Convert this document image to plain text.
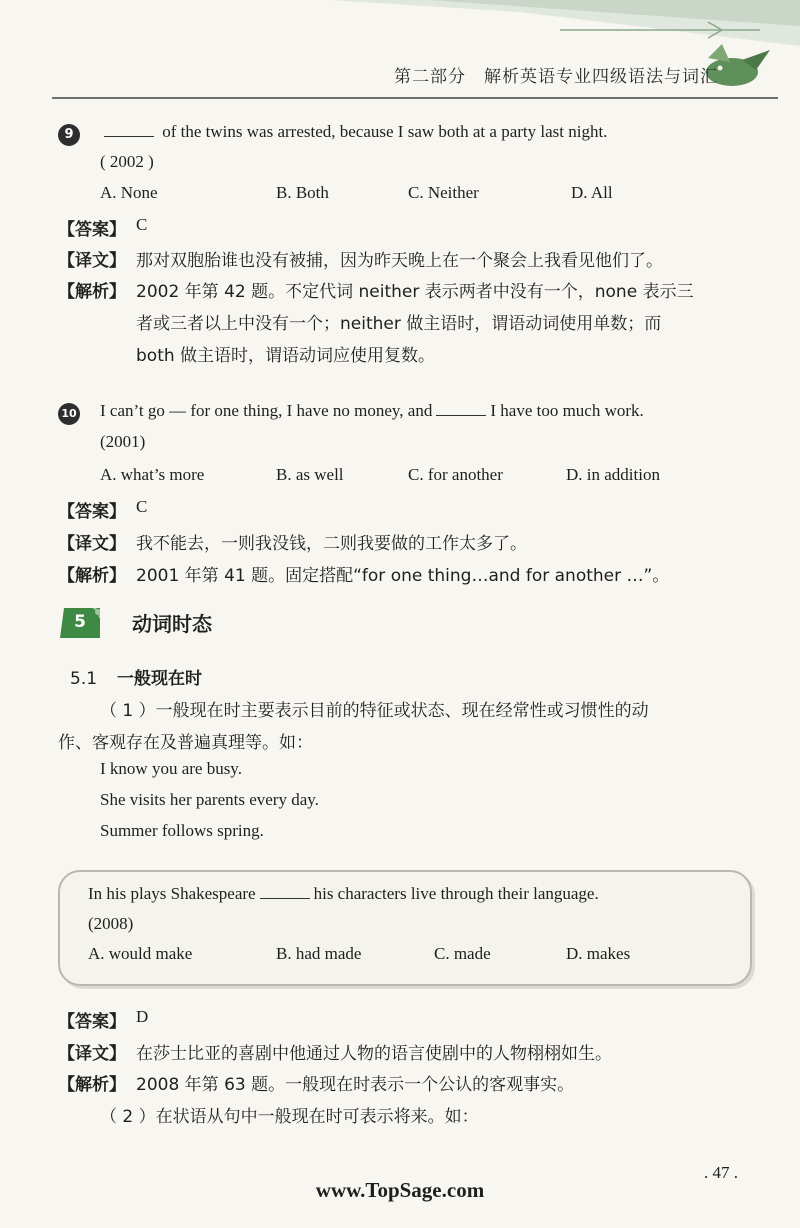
第二部分　解析英语专业四级语法与词汇
9	of the twins was arrested, because I saw both at a party last night.
( 2002 )
A. None	B. Both	C. Neither	D. All
【答案】 C
【译文】 那对双胞胎谁也没有被捕，因为昨天晚上在一个聚会上我看见他们了。
【解析】 2002 年第 42 题。不定代词 neither 表示两者中没有一个，none 表示三
者或三者以上中没有一个；neither 做主语时，谓语动词使用单数；而
both 做主语时，谓语动词应使用复数。
10 I can’t go — for one thing, I have no money, and	I have too much work.
(2001)
A. what’s more	B. as well	C. for another	D. in addition
【答案】 C
【译文】 我不能去，一则我没钱，二则我要做的工作太多了。
【解析】 2001 年第 41 题。固定搭配“for one thing…and for another …”。
5	动词时态
5.1 一般现在时
（ 1 ）一般现在时主要表示目前的特征或状态、现在经常性或习惯性的动
作、客观存在及普遍真理等。如：
I know you are busy.
She visits her parents every day.
Summer follows spring.
In his plays Shakespeare	his characters live through their language.
(2008)
A. would make	B. had made	C. made	D. makes
【答案】 D
【译文】 在莎士比亚的喜剧中他通过人物的语言使剧中的人物栩栩如生。
【解析】 2008 年第 63 题。一般现在时表示一个公认的客观事实。
（ 2 ）在状语从句中一般现在时可表示将来。如：
. 47 .
www.TopSage.com
